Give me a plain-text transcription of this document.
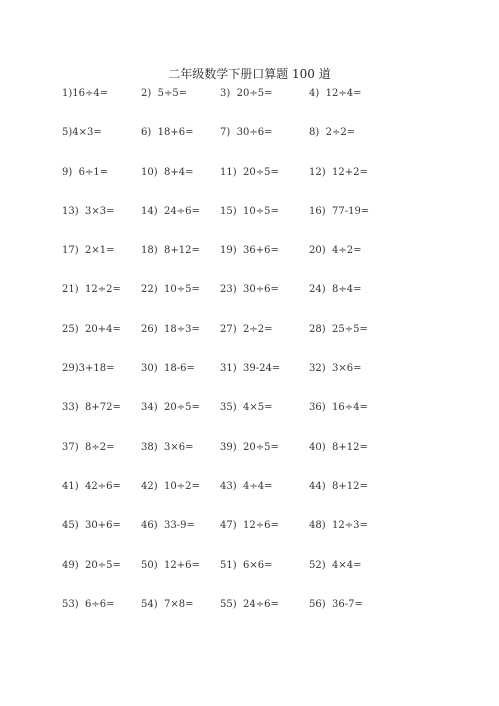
二年级数学下册口算题 100 道
1)16÷4=	2)  5÷5=	3)  20÷5=	4)  12÷4=
5)4×3=	6)  18+6=	7)  30÷6=	8)  2÷2=
9)  6÷1=	10)  8+4=	11)  20÷5=	12)  12+2=
13)  3×3=	14)  24÷6= 15)  10÷5=	16)  77-19=
17)  2×1=	18)  8+12= 19)  36+6=	20)  4÷2=
21)  12÷2= 22)  10÷5= 23)  30÷6=	24)  8÷4=
25)  20+4= 26)  18÷3= 27)  2÷2=	28)  25÷5=
29)3+18=	30)  18-6=	31)  39-24=	32)  3×6=
33)  8+72= 34)  20÷5= 35)  4×5=	36)  16÷4=
37)  8÷2=	38)  3×6=	39)  20÷5=	40)  8+12=
41)  42÷6= 42)  10÷2= 43)  4÷4=	44)  8+12=
45)  30+6= 46)  33-9=	47)  12÷6=	48)  12÷3=
49)  20÷5= 50)  12+6= 51)  6×6=	52)  4×4=
53)  6÷6=	54)  7×8=	55)  24÷6=	56)  36-7=
